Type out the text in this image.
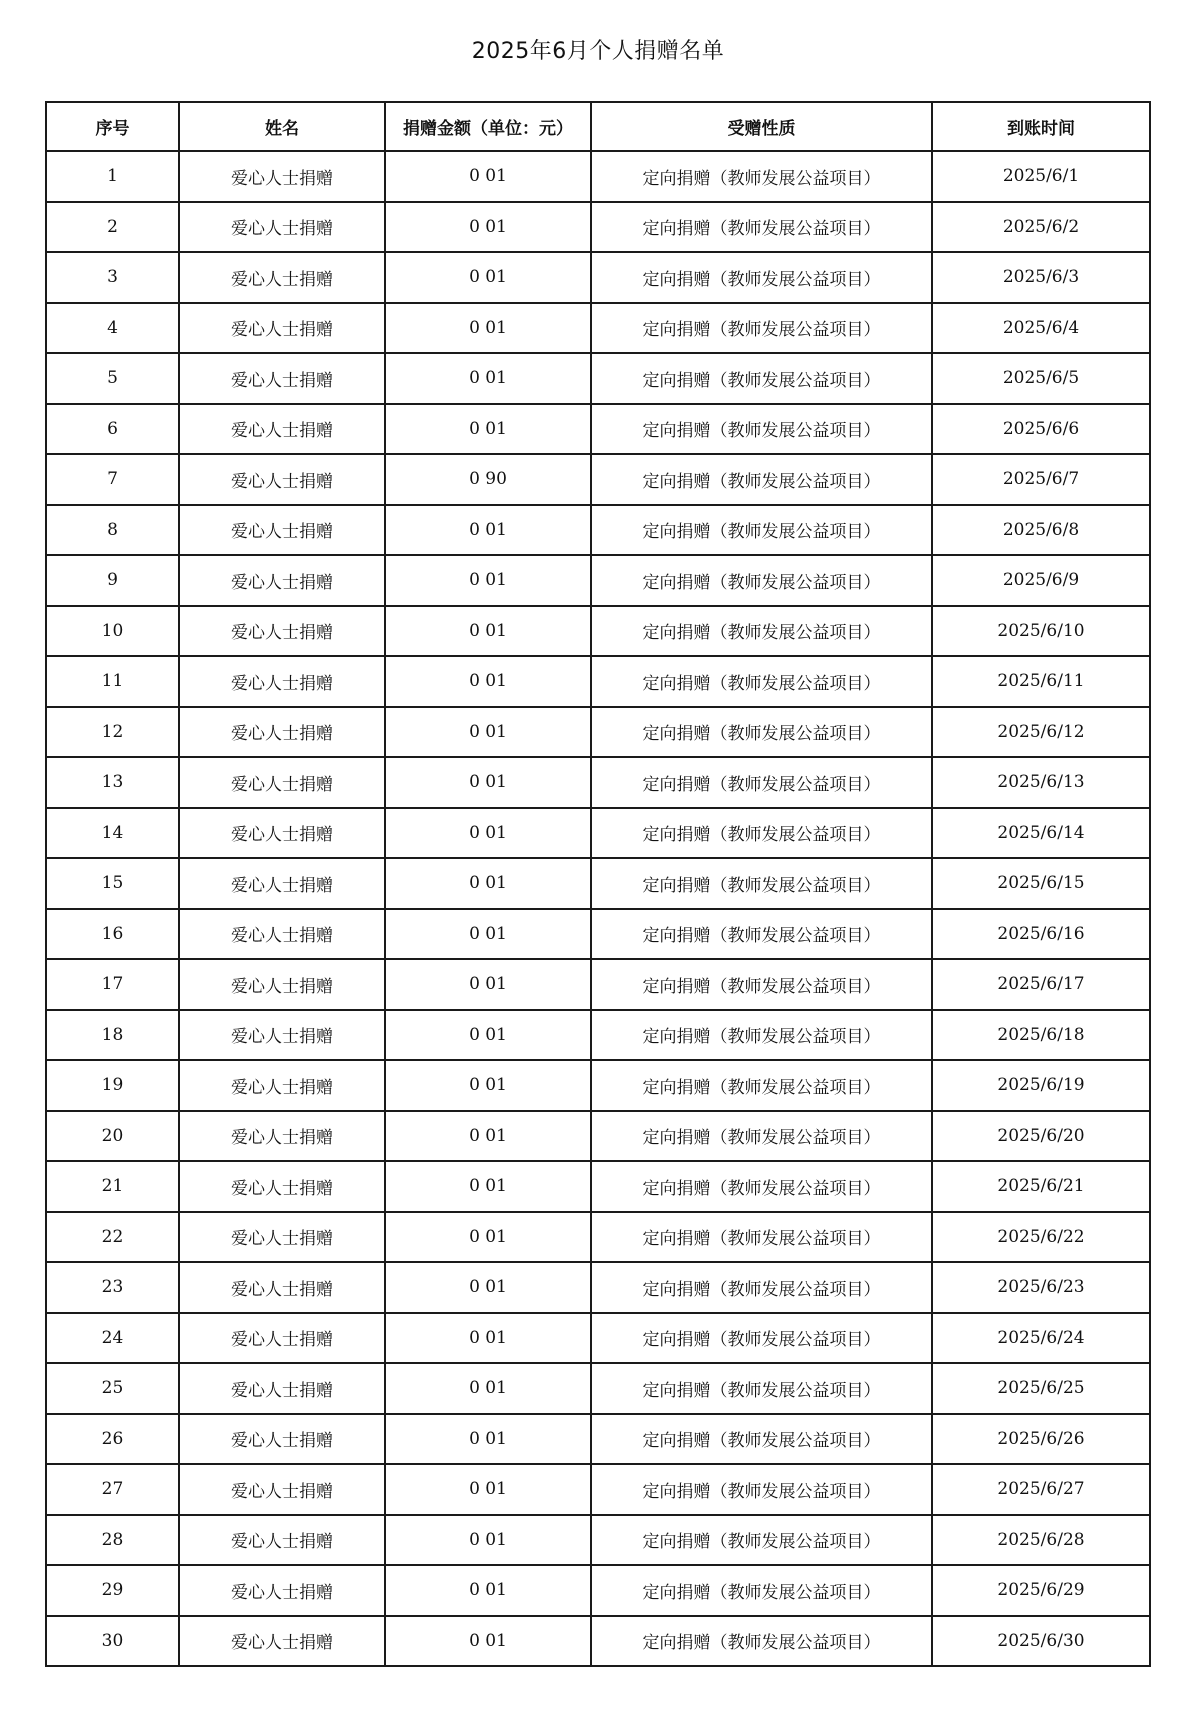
2025年6月个人捐赠名单
序号	姓名	捐赠金额（单位：元）	受赠性质	到账时间
1	爱心人士捐赠	0 01	定向捐赠（教师发展公益项目）	2025/6/1
2	爱心人士捐赠	0 01	定向捐赠（教师发展公益项目）	2025/6/2
3	爱心人士捐赠	0 01	定向捐赠（教师发展公益项目）	2025/6/3
4	爱心人士捐赠	0 01	定向捐赠（教师发展公益项目）	2025/6/4
5	爱心人士捐赠	0 01	定向捐赠（教师发展公益项目）	2025/6/5
6	爱心人士捐赠	0 01	定向捐赠（教师发展公益项目）	2025/6/6
7	爱心人士捐赠	0 90	定向捐赠（教师发展公益项目）	2025/6/7
8	爱心人士捐赠	0 01	定向捐赠（教师发展公益项目）	2025/6/8
9	爱心人士捐赠	0 01	定向捐赠（教师发展公益项目）	2025/6/9
10	爱心人士捐赠	0 01	定向捐赠（教师发展公益项目）	2025/6/10
11	爱心人士捐赠	0 01	定向捐赠（教师发展公益项目）	2025/6/11
12	爱心人士捐赠	0 01	定向捐赠（教师发展公益项目）	2025/6/12
13	爱心人士捐赠	0 01	定向捐赠（教师发展公益项目）	2025/6/13
14	爱心人士捐赠	0 01	定向捐赠（教师发展公益项目）	2025/6/14
15	爱心人士捐赠	0 01	定向捐赠（教师发展公益项目）	2025/6/15
16	爱心人士捐赠	0 01	定向捐赠（教师发展公益项目）	2025/6/16
17	爱心人士捐赠	0 01	定向捐赠（教师发展公益项目）	2025/6/17
18	爱心人士捐赠	0 01	定向捐赠（教师发展公益项目）	2025/6/18
19	爱心人士捐赠	0 01	定向捐赠（教师发展公益项目）	2025/6/19
20	爱心人士捐赠	0 01	定向捐赠（教师发展公益项目）	2025/6/20
21	爱心人士捐赠	0 01	定向捐赠（教师发展公益项目）	2025/6/21
22	爱心人士捐赠	0 01	定向捐赠（教师发展公益项目）	2025/6/22
23	爱心人士捐赠	0 01	定向捐赠（教师发展公益项目）	2025/6/23
24	爱心人士捐赠	0 01	定向捐赠（教师发展公益项目）	2025/6/24
25	爱心人士捐赠	0 01	定向捐赠（教师发展公益项目）	2025/6/25
26	爱心人士捐赠	0 01	定向捐赠（教师发展公益项目）	2025/6/26
27	爱心人士捐赠	0 01	定向捐赠（教师发展公益项目）	2025/6/27
28	爱心人士捐赠	0 01	定向捐赠（教师发展公益项目）	2025/6/28
29	爱心人士捐赠	0 01	定向捐赠（教师发展公益项目）	2025/6/29
30	爱心人士捐赠	0 01	定向捐赠（教师发展公益项目）	2025/6/30
